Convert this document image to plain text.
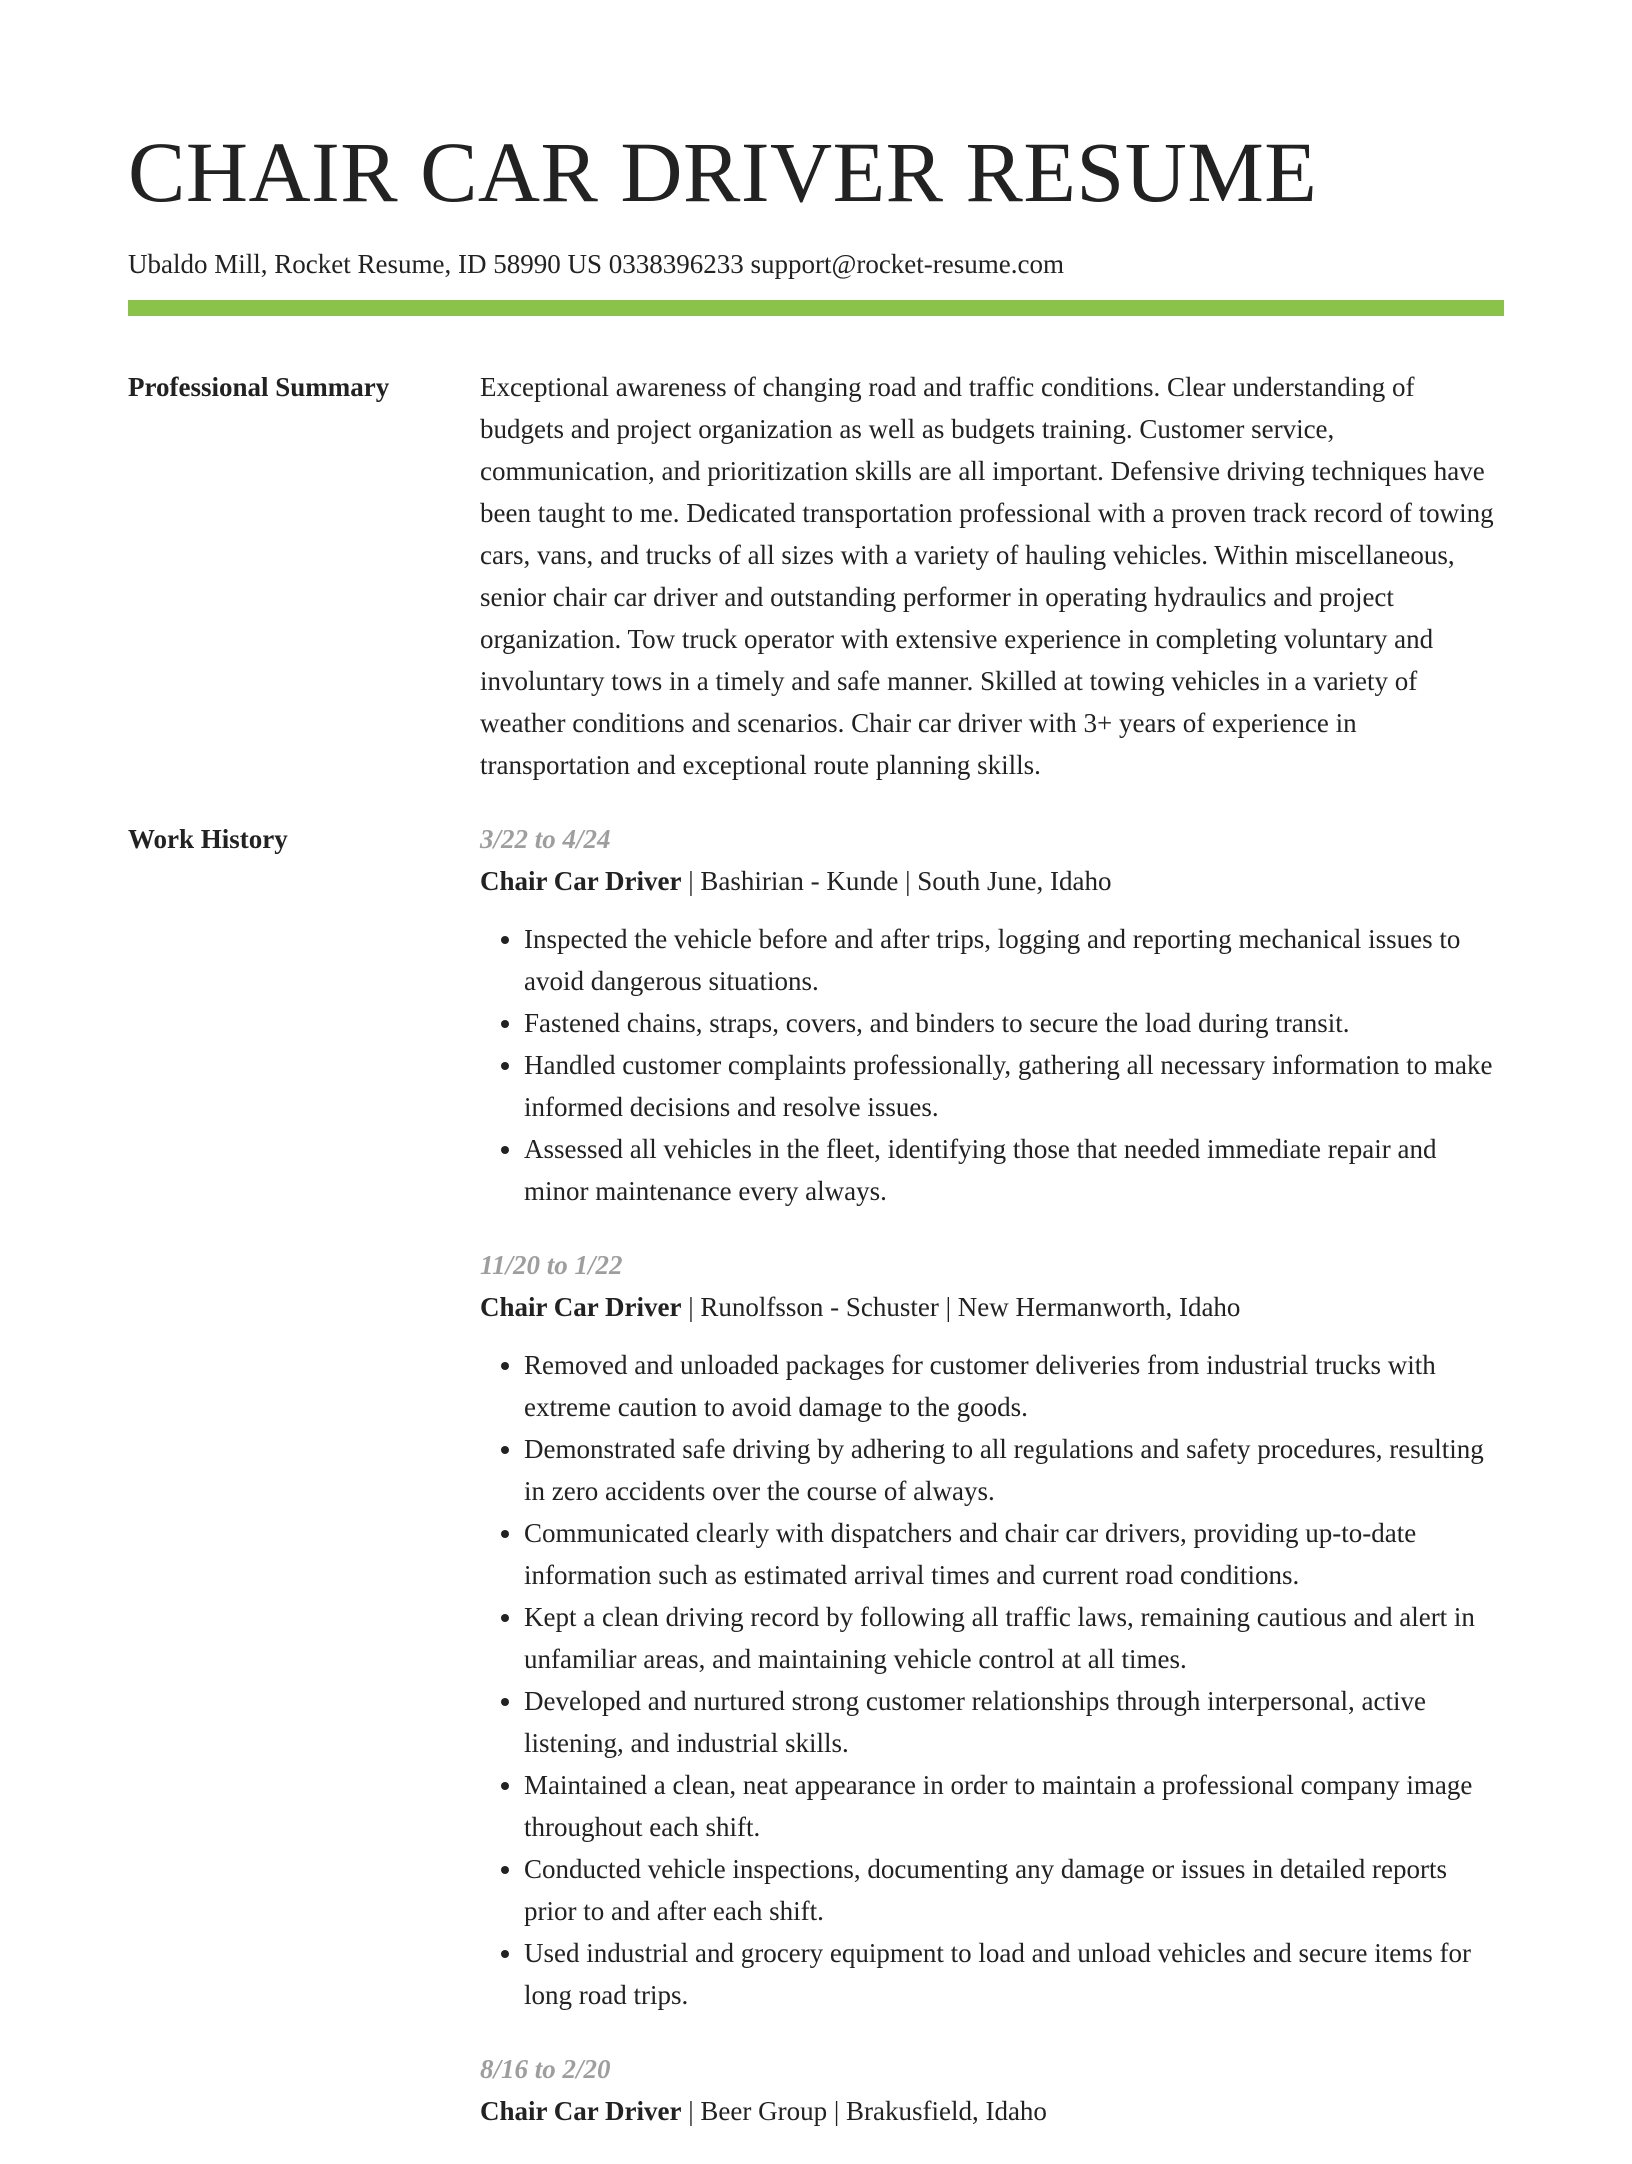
CHAIR CAR DRIVER RESUME
Ubaldo Mill, Rocket Resume, ID 58990 US 0338396233 support@rocket-resume.com
Professional Summary	Exceptional awareness of changing road and traffic conditions. Clear understanding of budgets and project organization as well as budgets training. Customer service, communication, and prioritization skills are all important. Defensive driving techniques have been taught to me. Dedicated transportation professional with a proven track record of towing cars, vans, and trucks of all sizes with a variety of hauling vehicles. Within miscellaneous, senior chair car driver and outstanding performer in operating hydraulics and project organization. Tow truck operator with extensive experience in completing voluntary and involuntary tows in a timely and safe manner. Skilled at towing vehicles in a variety of weather conditions and scenarios. Chair car driver with 3+ years of experience in transportation and exceptional route planning skills.

Work History	3/22 to 4/24
Chair Car Driver | Bashirian - Kunde | South June, Idaho
• Inspected the vehicle before and after trips, logging and reporting mechanical issues to avoid dangerous situations.
• Fastened chains, straps, covers, and binders to secure the load during transit.
• Handled customer complaints professionally, gathering all necessary information to make informed decisions and resolve issues.
• Assessed all vehicles in the fleet, identifying those that needed immediate repair and minor maintenance every always.
11/20 to 1/22
Chair Car Driver | Runolfsson - Schuster | New Hermanworth, Idaho
• Removed and unloaded packages for customer deliveries from industrial trucks with extreme caution to avoid damage to the goods.
• Demonstrated safe driving by adhering to all regulations and safety procedures, resulting in zero accidents over the course of always.
• Communicated clearly with dispatchers and chair car drivers, providing up-to-date information such as estimated arrival times and current road conditions.
• Kept a clean driving record by following all traffic laws, remaining cautious and alert in unfamiliar areas, and maintaining vehicle control at all times.
• Developed and nurtured strong customer relationships through interpersonal, active listening, and industrial skills.
• Maintained a clean, neat appearance in order to maintain a professional company image throughout each shift.
• Conducted vehicle inspections, documenting any damage or issues in detailed reports prior to and after each shift.
• Used industrial and grocery equipment to load and unload vehicles and secure items for long road trips.
8/16 to 2/20
Chair Car Driver | Beer Group | Brakusfield, Idaho
